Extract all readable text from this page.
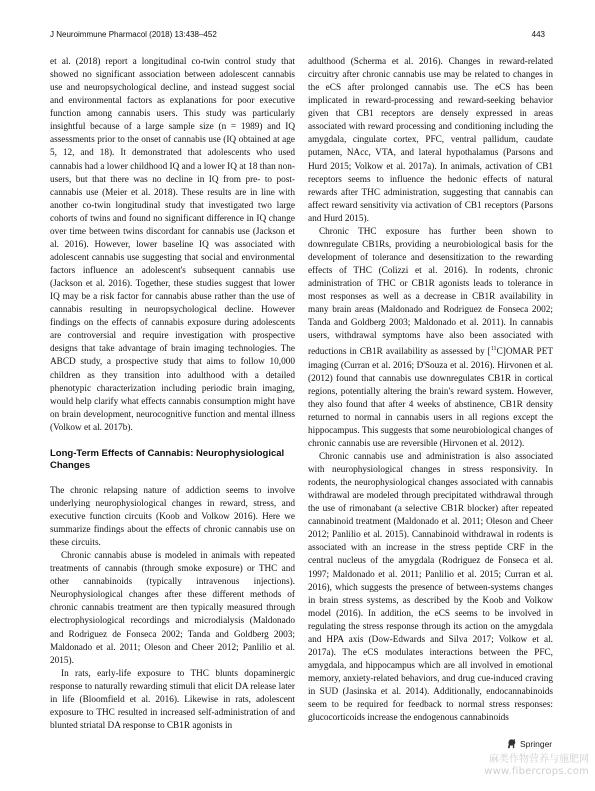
J Neuroimmune Pharmacol (2018) 13:438–452	443

et al. (2018) report a longitudinal co-twin control study that showed no significant association between adolescent cannabis use and neuropsychological decline, and instead suggest social and environmental factors as explanations for poor executive function among cannabis users. This study was particularly insightful because of a large sample size (n = 1989) and IQ assessments prior to the onset of cannabis use (IQ obtained at age 5, 12, and 18). It demonstrated that adolescents who used cannabis had a lower childhood IQ and a lower IQ at 18 than non-users, but that there was no decline in IQ from pre- to post-cannabis use (Meier et al. 2018). These results are in line with another co-twin longitudinal study that investigated two large cohorts of twins and found no significant difference in IQ change over time between twins discordant for cannabis use (Jackson et al. 2016). However, lower baseline IQ was associated with adolescent cannabis use suggesting that social and environmental factors influence an adolescent's subsequent cannabis use (Jackson et al. 2016). Together, these studies suggest that lower IQ may be a risk factor for cannabis abuse rather than the use of cannabis resulting in neuropsychological decline. However findings on the effects of cannabis exposure during adolescents are controversial and require investigation with prospective designs that take advantage of brain imaging technologies. The ABCD study, a prospective study that aims to follow 10,000 children as they transition into adulthood with a detailed phenotypic characterization including periodic brain imaging, would help clarify what effects cannabis consumption might have on brain development, neurocognitive function and mental illness (Volkow et al. 2017b).

Long-Term Effects of Cannabis: Neurophysiological Changes

The chronic relapsing nature of addiction seems to involve underlying neurophysiological changes in reward, stress, and executive function circuits (Koob and Volkow 2016). Here we summarize findings about the effects of chronic cannabis use on these circuits.

Chronic cannabis abuse is modeled in animals with repeated treatments of cannabis (through smoke exposure) or THC and other cannabinoids (typically intravenous injections). Neurophysiological changes after these different methods of chronic cannabis treatment are then typically measured through electrophysiological recordings and microdialysis (Maldonado and Rodriguez de Fonseca 2002; Tanda and Goldberg 2003; Maldonado et al. 2011; Oleson and Cheer 2012; Panlilio et al. 2015).

In rats, early-life exposure to THC blunts dopaminergic response to naturally rewarding stimuli that elicit DA release later in life (Bloomfield et al. 2016). Likewise in rats, adolescent exposure to THC resulted in increased self-administration of and blunted striatal DA response to CB1R agonists in

adulthood (Scherma et al. 2016). Changes in reward-related circuitry after chronic cannabis use may be related to changes in the eCS after prolonged cannabis use. The eCS has been implicated in reward-processing and reward-seeking behavior given that CB1 receptors are densely expressed in areas associated with reward processing and conditioning including the amygdala, cingulate cortex, PFC, ventral pallidum, caudate putamen, NAcc, VTA, and lateral hypothalamus (Parsons and Hurd 2015; Volkow et al. 2017a). In animals, activation of CB1 receptors seems to influence the hedonic effects of natural rewards after THC administration, suggesting that cannabis can affect reward sensitivity via activation of CB1 receptors (Parsons and Hurd 2015).

Chronic THC exposure has further been shown to downregulate CB1Rs, providing a neurobiological basis for the development of tolerance and desensitization to the rewarding effects of THC (Colizzi et al. 2016). In rodents, chronic administration of THC or CB1R agonists leads to tolerance in most responses as well as a decrease in CB1R availability in many brain areas (Maldonado and Rodriguez de Fonseca 2002; Tanda and Goldberg 2003; Maldonado et al. 2011). In cannabis users, withdrawal symptoms have also been associated with reductions in CB1R availability as assessed by [$^{11}$C]OMAR PET imaging (Curran et al. 2016; D'Souza et al. 2016). Hirvonen et al. (2012) found that cannabis use downregulates CB1R in cortical regions, potentially altering the brain's reward system. However, they also found that after 4 weeks of abstinence, CB1R density returned to normal in cannabis users in all regions except the hippocampus. This suggests that some neurobiological changes of chronic cannabis use are reversible (Hirvonen et al. 2012).

Chronic cannabis use and administration is also associated with neurophysiological changes in stress responsivity. In rodents, the neurophysiological changes associated with cannabis withdrawal are modeled through precipitated withdrawal through the use of rimonabant (a selective CB1R blocker) after repeated cannabinoid treatment (Maldonado et al. 2011; Oleson and Cheer 2012; Panlilio et al. 2015). Cannabinoid withdrawal in rodents is associated with an increase in the stress peptide CRF in the central nucleus of the amygdala (Rodriguez de Fonseca et al. 1997; Maldonado et al. 2011; Panlilio et al. 2015; Curran et al. 2016), which suggests the presence of between-systems changes in brain stress systems, as described by the Koob and Volkow model (2016). In addition, the eCS seems to be involved in regulating the stress response through its action on the amygdala and HPA axis (Dow-Edwards and Silva 2017; Volkow et al. 2017a). The eCS modulates interactions between the PFC, amygdala, and hippocampus which are all involved in emotional memory, anxiety-related behaviors, and drug cue-induced craving in SUD (Jasinska et al. 2014). Additionally, endocannabinoids seem to be required for feedback to normal stress responses: glucocorticoids increase the endogenous cannabinoids

Springer
麻类作物营养与施肥网
www.fibercrops.com
